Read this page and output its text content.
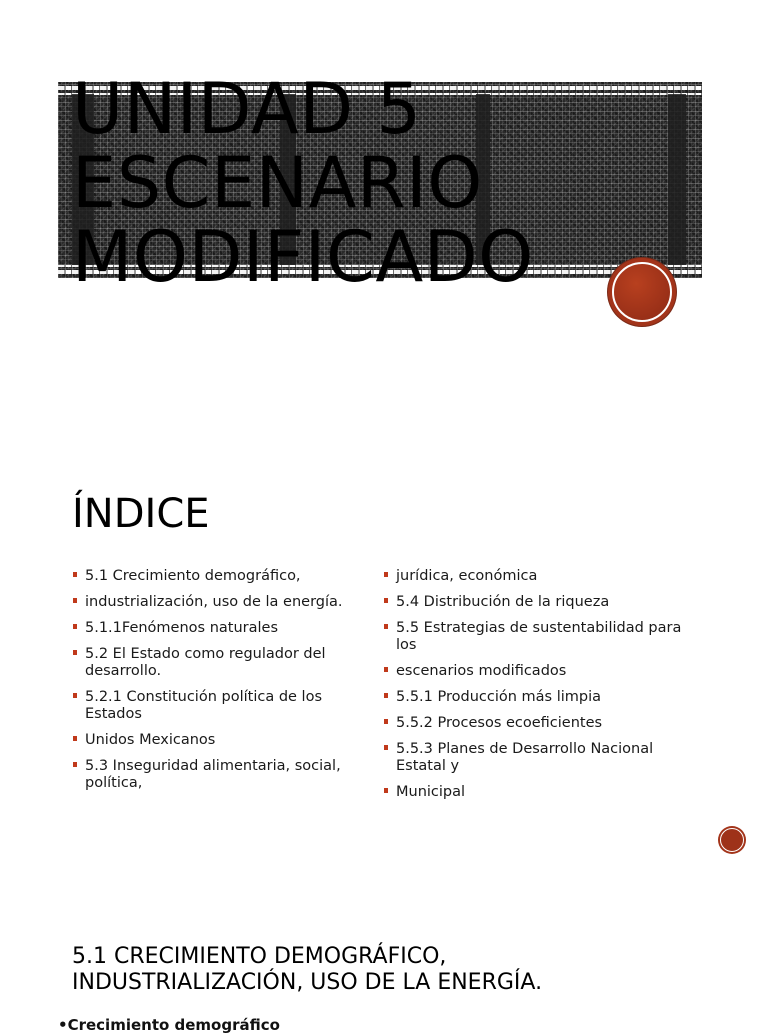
UNIDAD 5
ESCENARIO
MODIFICADO
ÍNDICE
5.1 Crecimiento demográfico,
industrialización, uso de la energía.
5.1.1Fenómenos naturales
5.2 El Estado como regulador del desarrollo.
5.2.1 Constitución política de los Estados
Unidos Mexicanos
5.3 Inseguridad alimentaria, social, política,
jurídica, económica
5.4 Distribución de la riqueza
5.5 Estrategias de sustentabilidad para los
escenarios modificados
5.5.1 Producción más limpia
5.5.2 Procesos ecoeficientes
5.5.3 Planes de Desarrollo Nacional Estatal y
Municipal
5.1 CRECIMIENTO DEMOGRÁFICO,
INDUSTRIALIZACIÓN, USO DE LA ENERGÍA.
•Crecimiento demográfico
